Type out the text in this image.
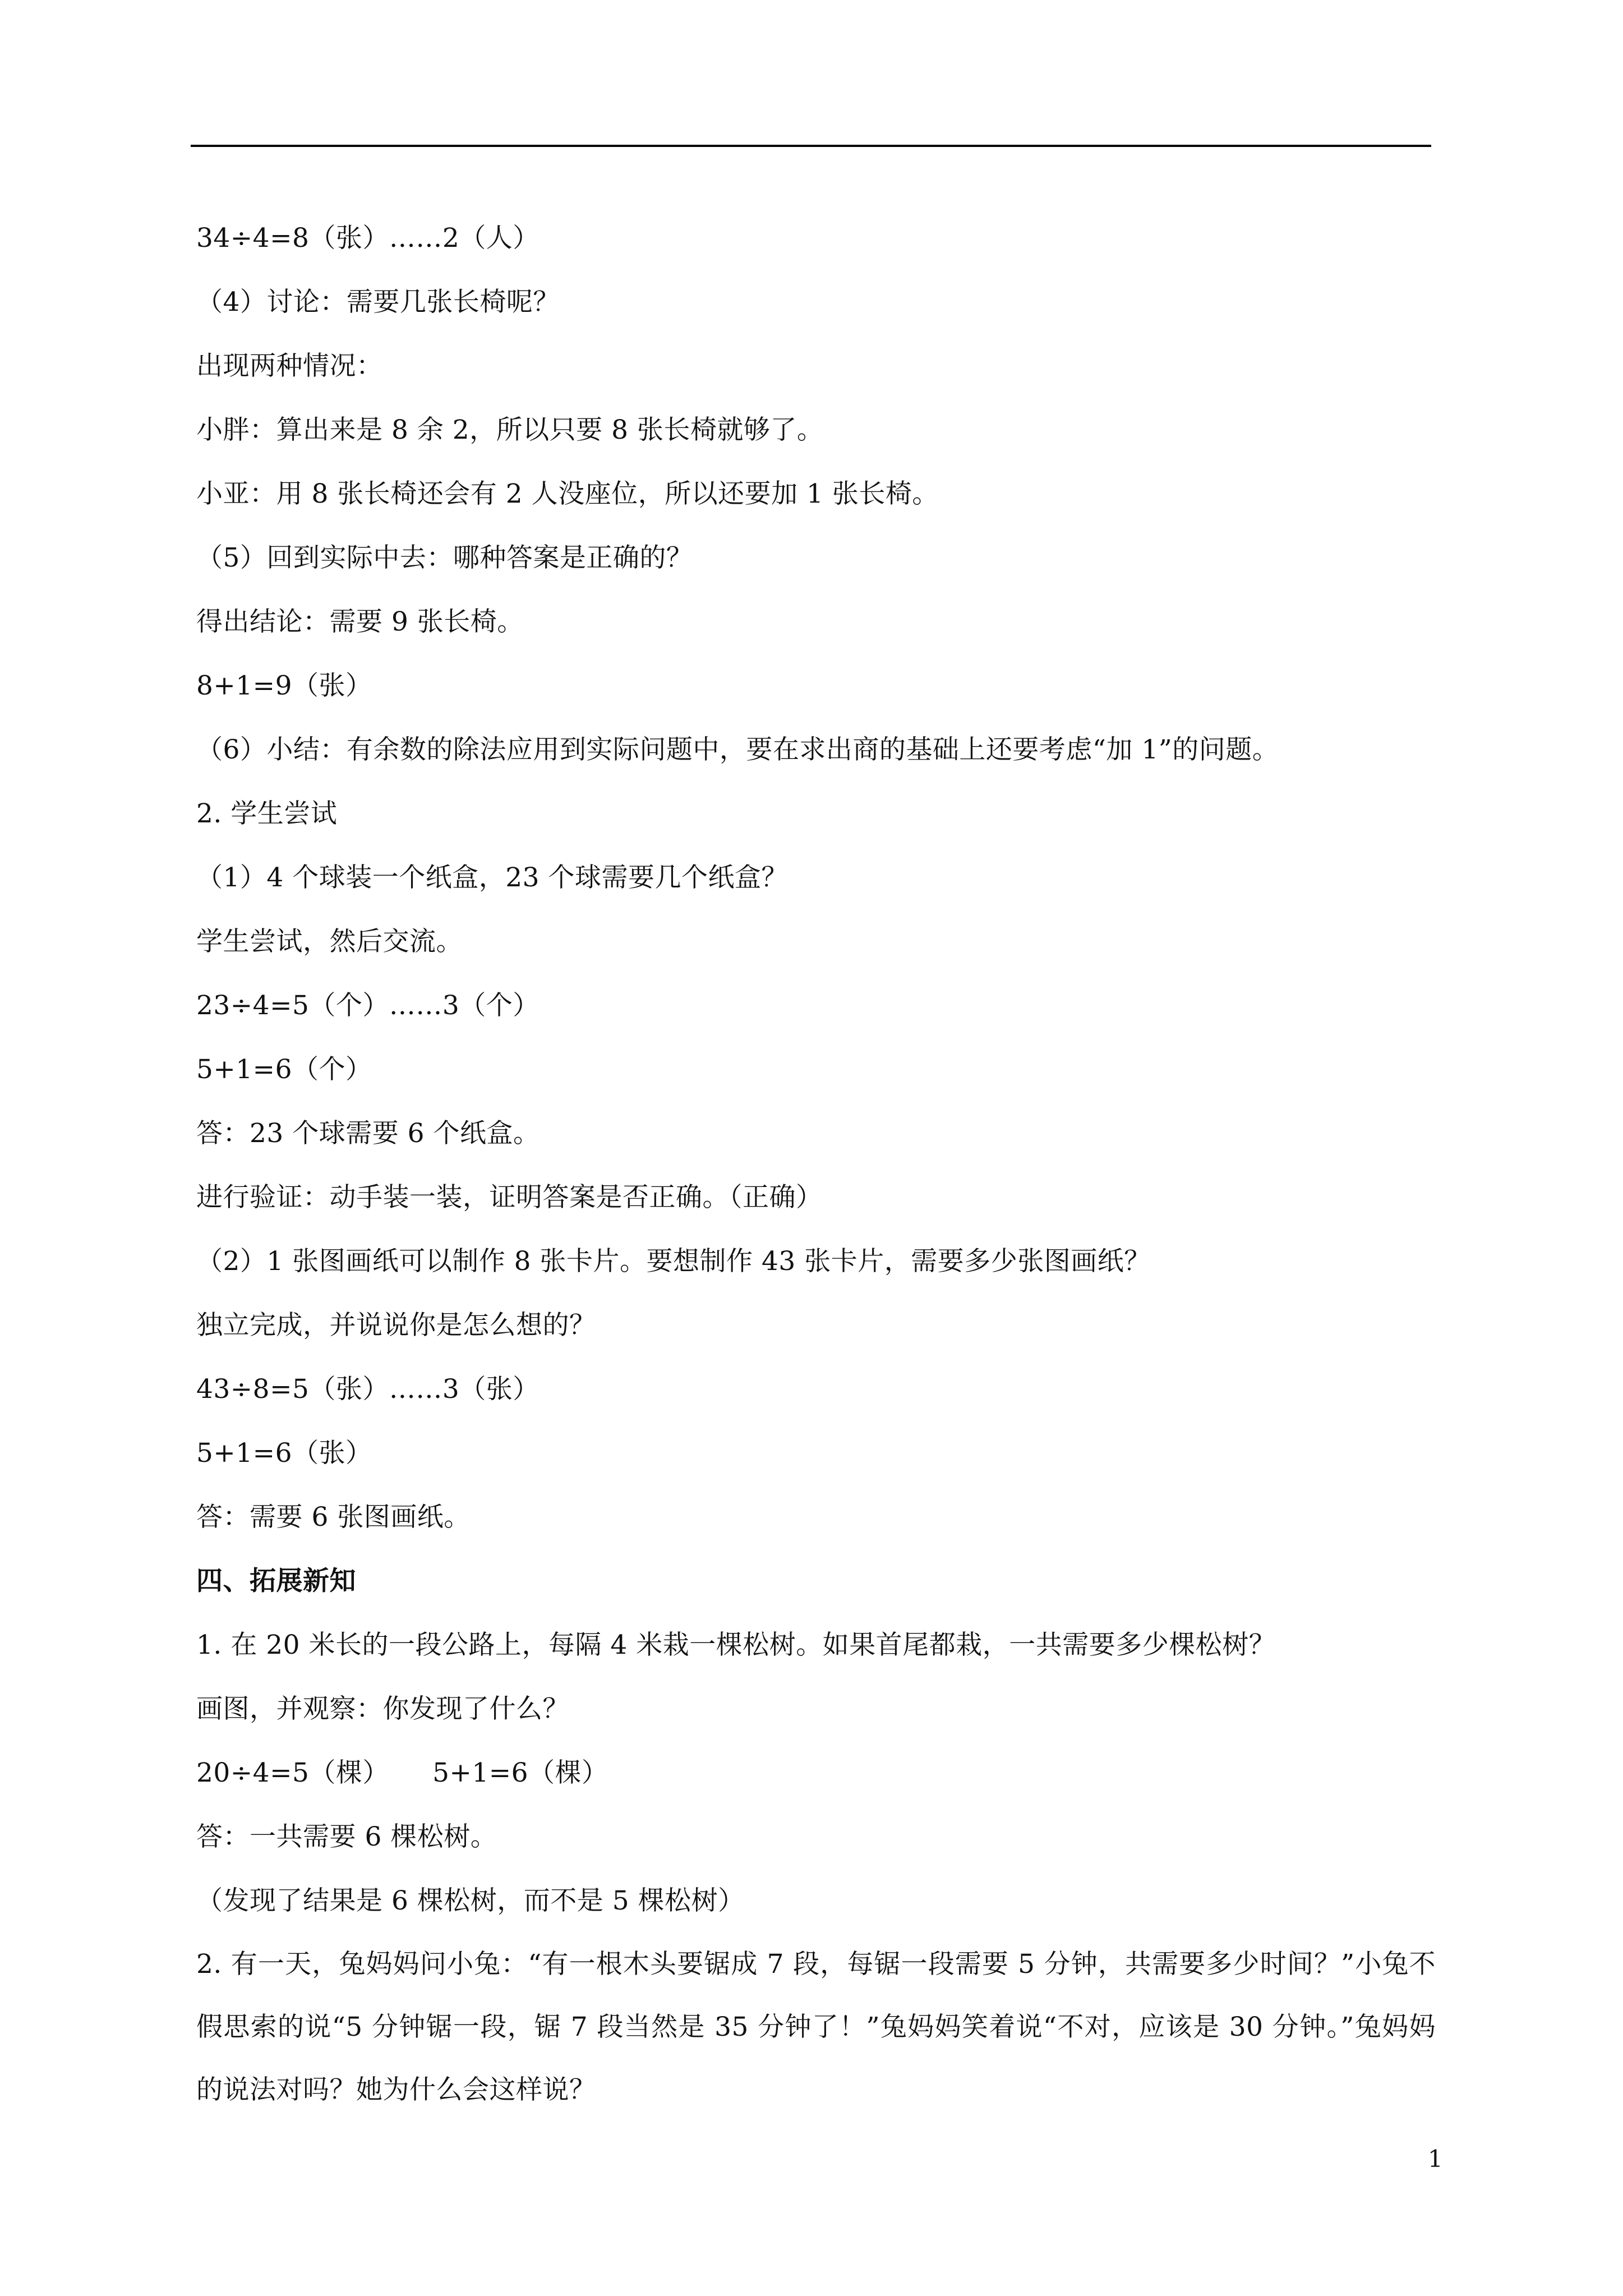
34÷4=8（张）……2（人）
（4）讨论：需要几张长椅呢？
出现两种情况：
小胖：算出来是 8 余 2，所以只要 8 张长椅就够了。
小亚：用 8 张长椅还会有 2 人没座位，所以还要加 1 张长椅。
（5）回到实际中去：哪种答案是正确的？
得出结论：需要 9 张长椅。
8+1=9（张）
（6）小结：有余数的除法应用到实际问题中，要在求出商的基础上还要考虑“加 1”的问题。
2. 学生尝试
（1）4 个球装一个纸盒，23 个球需要几个纸盒？
学生尝试，然后交流。
23÷4=5（个）……3（个）
5+1=6（个）
答：23 个球需要 6 个纸盒。
进行验证：动手装一装，证明答案是否正确。（正确）
（2）1 张图画纸可以制作 8 张卡片。要想制作 43 张卡片，需要多少张图画纸？
独立完成，并说说你是怎么想的？
43÷8=5（张）……3（张）
5+1=6（张）
答：需要 6 张图画纸。
四、拓展新知
1. 在 20 米长的一段公路上，每隔 4 米栽一棵松树。如果首尾都栽，一共需要多少棵松树？
画图，并观察：你发现了什么？
20÷4=5（棵）     5+1=6（棵）
答：一共需要 6 棵松树。
（发现了结果是 6 棵松树，而不是 5 棵松树）
2. 有一天，兔妈妈问小兔：“有一根木头要锯成 7 段，每锯一段需要 5 分钟，共需要多少时间？”小兔不假思索的说“5 分钟锯一段，锯 7 段当然是 35 分钟了！”兔妈妈笑着说“不对，应该是 30 分钟。”兔妈妈的说法对吗？她为什么会这样说？
1
